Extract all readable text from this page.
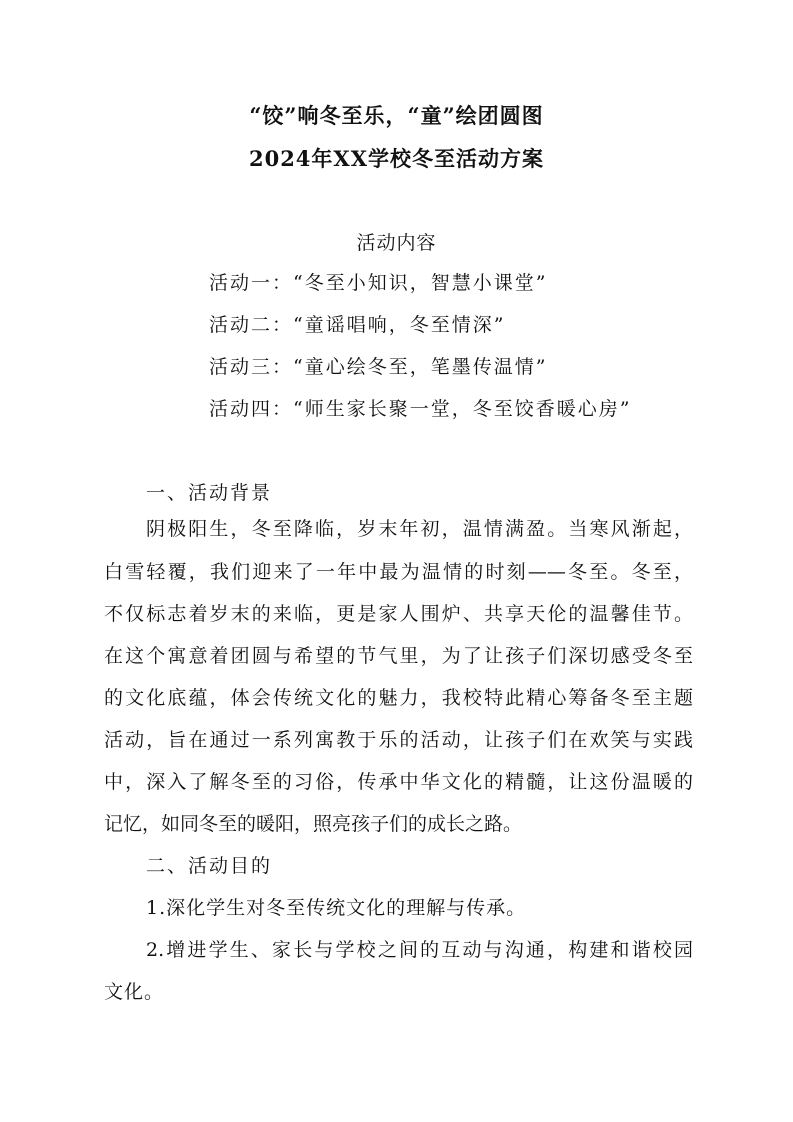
“饺”响冬至乐，“童”绘团圆图
2024年XX学校冬至活动方案
活动内容
活动一：“冬至小知识，智慧小课堂”
活动二：“童谣唱响，冬至情深”
活动三：“童心绘冬至，笔墨传温情”
活动四：“师生家长聚一堂，冬至饺香暖心房”
一、活动背景
阴极阳生，冬至降临，岁末年初，温情满盈。当寒风渐起，
白雪轻覆，我们迎来了一年中最为温情的时刻——冬至。冬至，
不仅标志着岁末的来临，更是家人围炉、共享天伦的温馨佳节。
在这个寓意着团圆与希望的节气里，为了让孩子们深切感受冬至
的文化底蕴，体会传统文化的魅力，我校特此精心筹备冬至主题
活动，旨在通过一系列寓教于乐的活动，让孩子们在欢笑与实践
中，深入了解冬至的习俗，传承中华文化的精髓，让这份温暖的
记忆，如同冬至的暖阳，照亮孩子们的成长之路。
二、活动目的
1.深化学生对冬至传统文化的理解与传承。
2.增进学生、家长与学校之间的互动与沟通，构建和谐校园
文化。
